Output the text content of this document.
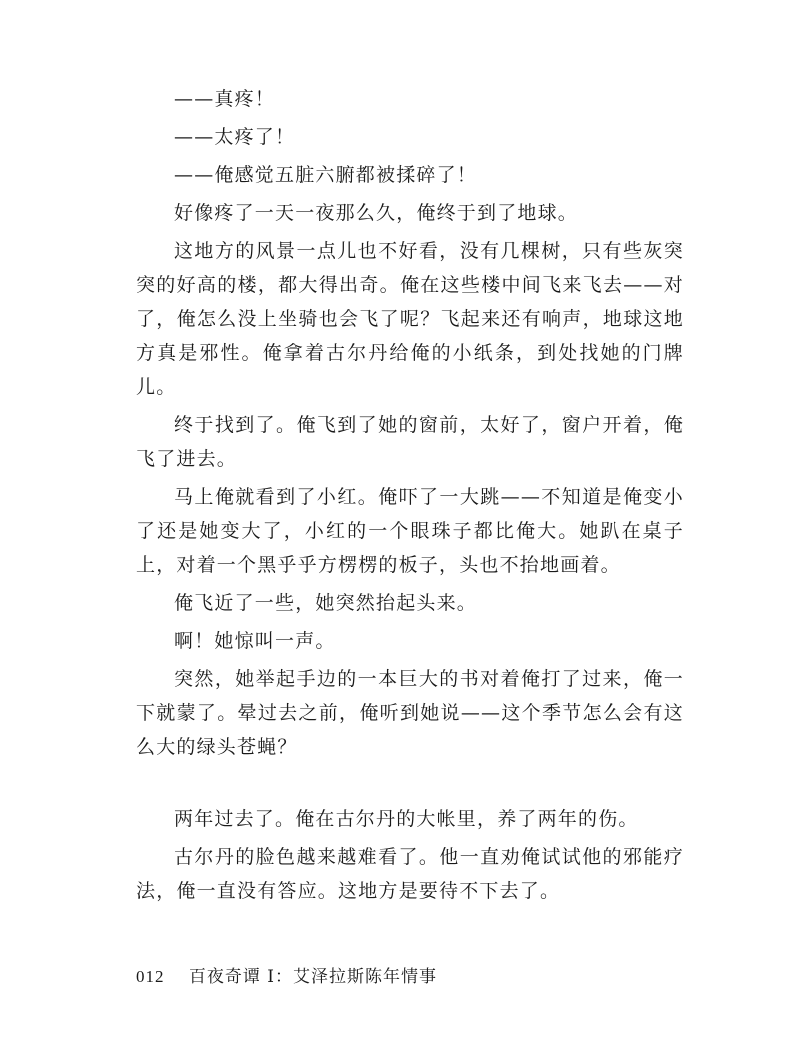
——真疼！

——太疼了！

——俺感觉五脏六腑都被揉碎了！

好像疼了一天一夜那么久，俺终于到了地球。

这地方的风景一点儿也不好看，没有几棵树，只有些灰突突的好高的楼，都大得出奇。俺在这些楼中间飞来飞去——对了，俺怎么没上坐骑也会飞了呢？飞起来还有响声，地球这地方真是邪性。俺拿着古尔丹给俺的小纸条，到处找她的门牌儿。

终于找到了。俺飞到了她的窗前，太好了，窗户开着，俺飞了进去。

马上俺就看到了小红。俺吓了一大跳——不知道是俺变小了还是她变大了，小红的一个眼珠子都比俺大。她趴在桌子上，对着一个黑乎乎方楞楞的板子，头也不抬地画着。

俺飞近了一些，她突然抬起头来。

啊！她惊叫一声。

突然，她举起手边的一本巨大的书对着俺打了过来，俺一下就蒙了。晕过去之前，俺听到她说——这个季节怎么会有这么大的绿头苍蝇？

两年过去了。俺在古尔丹的大帐里，养了两年的伤。

古尔丹的脸色越来越难看了。他一直劝俺试试他的邪能疗法，俺一直没有答应。这地方是要待不下去了。

012 百夜奇谭 Ⅰ：艾泽拉斯陈年情事
